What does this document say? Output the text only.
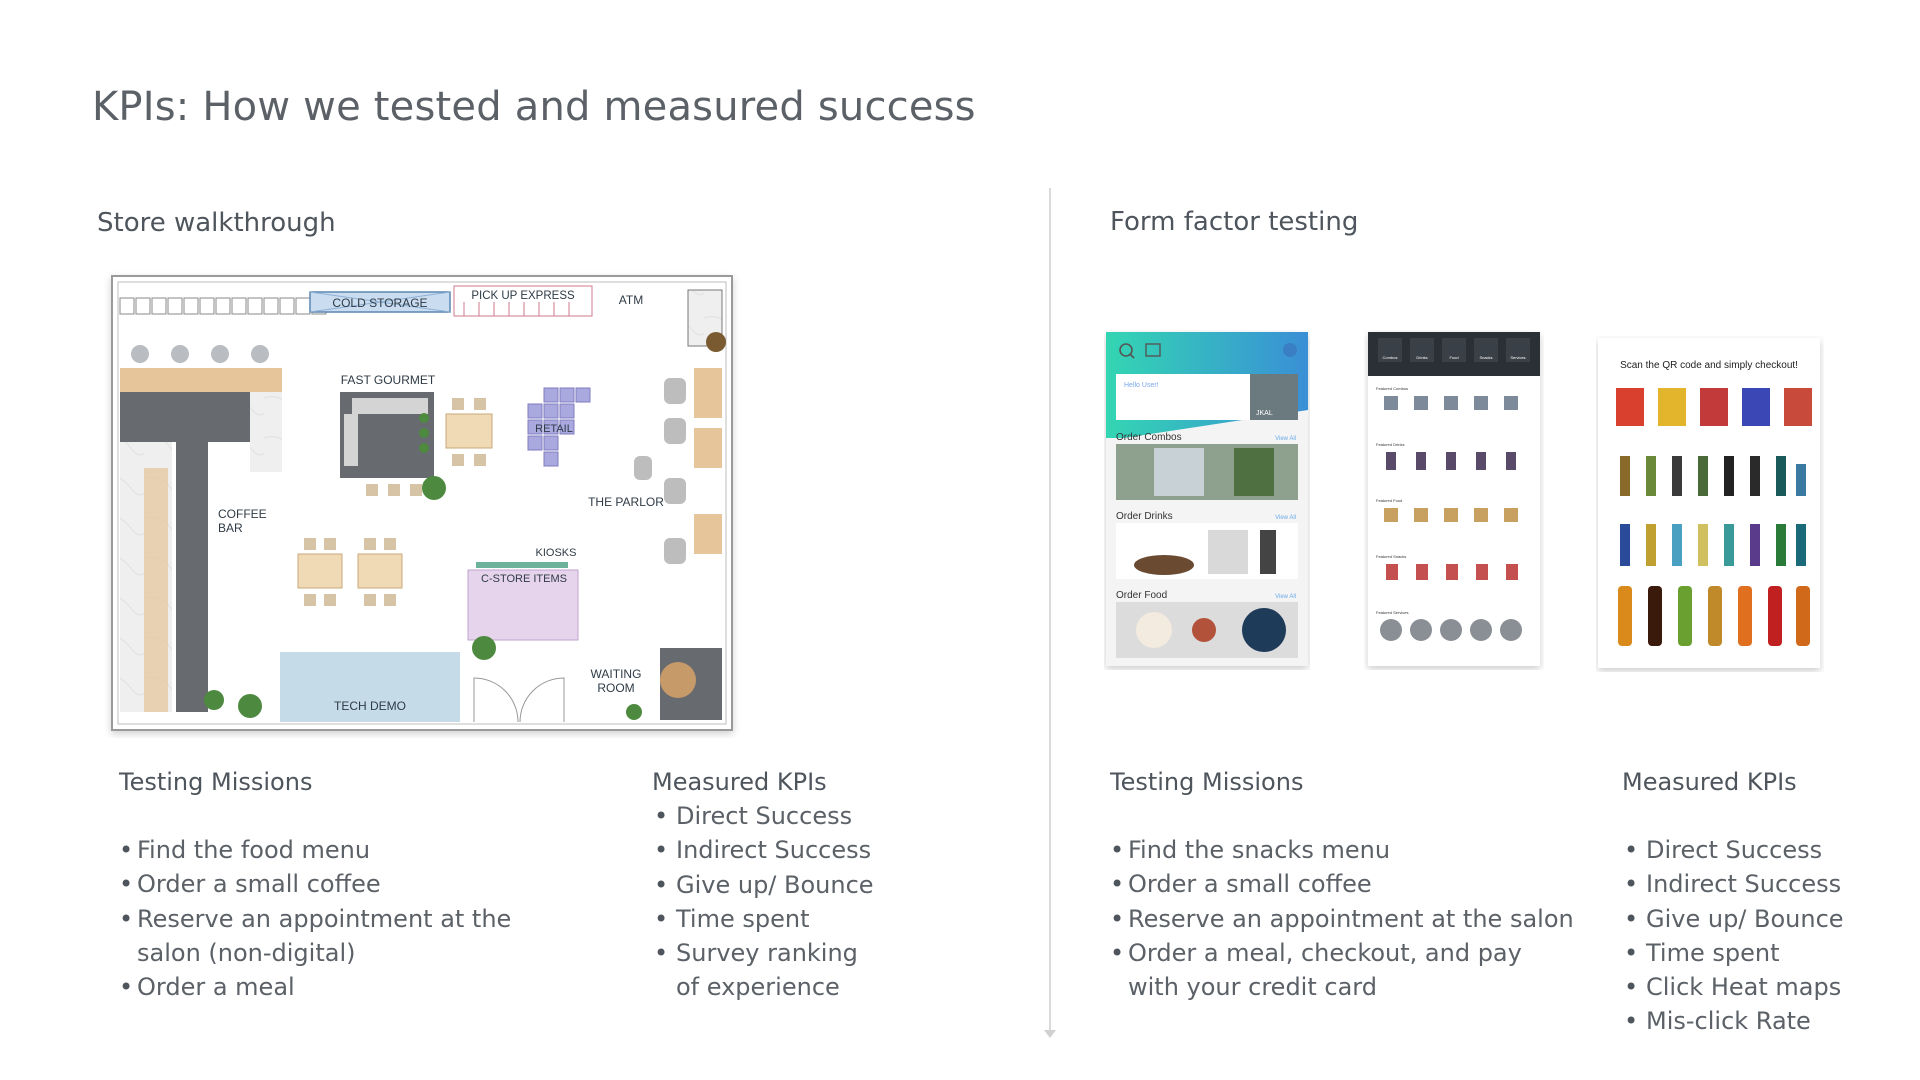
KPIs: How we tested and measured success
Store walkthrough
COLD STORAGE	PICK UP EXPRESS	ATM
COFFEE
BAR
FAST GOURMET
RETAIL
THE PARLOR
KIOSKS
C-STORE ITEMS
TECH DEMO
WAITING
ROOM
Testing Missions
• Find the food menu
• Order a small coffee
• Reserve an appointment at the salon (non-digital)
• Order a meal
Measured KPIs
• Direct Success
• Indirect Success
• Give up/ Bounce
• Time spent
• Survey ranking of experience
Form factor testing
Hello User!
JKAL
Order Combos	View All
Order Drinks	View All
Order Food	View All
Combos	Drinks	Food	Snacks	Services
Featured Combos
Featured Drinks
Featured Food
Featured Snacks
Featured Services
Scan the QR code and simply checkout!
Testing Missions
• Find the snacks menu
• Order a small coffee
• Reserve an appointment at the salon
• Order a meal, checkout, and pay with your credit card
Measured KPIs
• Direct Success
• Indirect Success
• Give up/ Bounce
• Time spent
• Click Heat maps
• Mis-click Rate
